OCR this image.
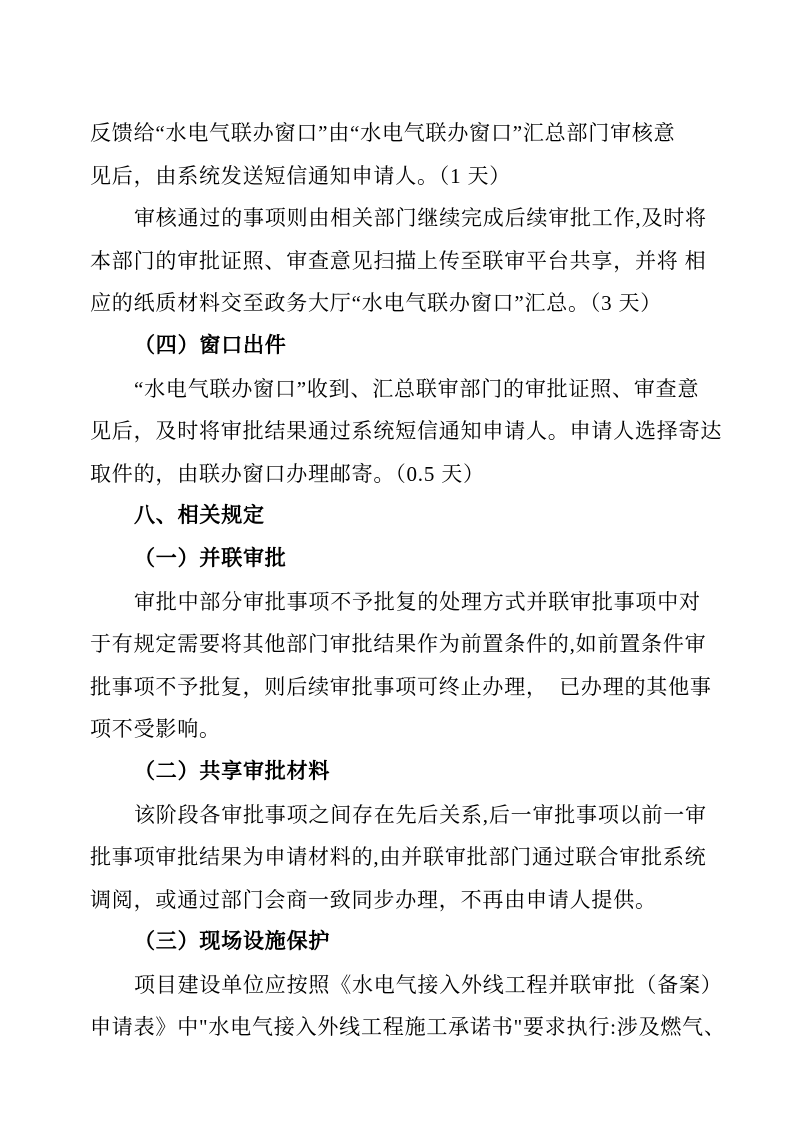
反馈给“水电气联办窗口”由“水电气联办窗口”汇总部门审核意

见后，由系统发送短信通知申请人。（1 天）

审核通过的事项则由相关部门继续完成后续审批工作,及时将

本部门的审批证照、审查意见扫描上传至联审平台共享，并将 相

应的纸质材料交至政务大厅“水电气联办窗口”汇总。（3 天）

（四）窗口出件

“水电气联办窗口”收到、汇总联审部门的审批证照、审查意

见后，及时将审批结果通过系统短信通知申请人。申请人选择寄达

取件的，由联办窗口办理邮寄。（0.5 天）

八、相关规定

（一）并联审批

审批中部分审批事项不予批复的处理方式并联审批事项中对

于有规定需要将其他部门审批结果作为前置条件的,如前置条件审

批事项不予批复，则后续审批事项可终止办理，　已办理的其他事

项不受影响。

（二）共享审批材料

该阶段各审批事项之间存在先后关系,后一审批事项以前一审

批事项审批结果为申请材料的,由并联审批部门通过联合审批系统

调阅，或通过部门会商一致同步办理，不再由申请人提供。

（三）现场设施保护

项目建设单位应按照《水电气接入外线工程并联审批（备案）

申请表》中"水电气接入外线工程施工承诺书"要求执行:涉及燃气、
